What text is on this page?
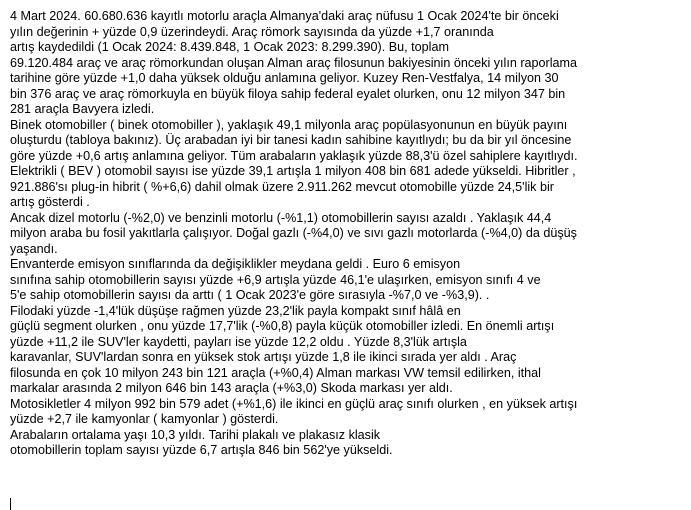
4 Mart 2024. 60.680.636 kayıtlı motorlu araçla Almanya'daki araç nüfusu 1 Ocak 2024'te bir önceki
yılın değerinin + yüzde 0,9 üzerindeydi. Araç römork sayısında da yüzde +1,7 oranında
artış kaydedildi (1 Ocak 2024: 8.439.848, 1 Ocak 2023: 8.299.390). Bu, toplam
69.120.484 araç ve araç römorkundan oluşan Alman araç filosunun bakiyesinin önceki yılın raporlama
tarihine göre yüzde +1,0 daha yüksek olduğu anlamına geliyor. Kuzey Ren-Vestfalya, 14 milyon 30
bin 376 araç ve araç römorkuyla en büyük filoya sahip federal eyalet olurken, onu 12 milyon 347 bin
281 araçla Bavyera izledi.
Binek otomobiller ( binek otomobiller ), yaklaşık 49,1 milyonla araç popülasyonunun en büyük payını
oluşturdu (tabloya bakınız). Üç arabadan iyi bir tanesi kadın sahibine kayıtlıydı; bu da bir yıl öncesine
göre yüzde +0,6 artış anlamına geliyor. Tüm arabaların yaklaşık yüzde 88,3'ü özel sahiplere kayıtlıydı.
Elektrikli ( BEV ) otomobil sayısı ise yüzde 39,1 artışla 1 milyon 408 bin 681 adede yükseldi. Hibritler ,
921.886'sı plug-in hibrit ( %+6,6) dahil olmak üzere 2.911.262 mevcut otomobille yüzde 24,5'lik bir
artış gösterdi .
Ancak dizel motorlu (-%2,0) ve benzinli motorlu (-%1,1) otomobillerin sayısı azaldı . Yaklaşık 44,4
milyon araba bu fosil yakıtlarla çalışıyor. Doğal gazlı (-%4,0) ve sıvı gazlı motorlarda (-%4,0) da düşüş
yaşandı.
Envanterde emisyon sınıflarında da değişiklikler meydana geldi . Euro 6 emisyon
sınıfına sahip otomobillerin sayısı yüzde +6,9 artışla yüzde 46,1'e ulaşırken, emisyon sınıfı 4 ve
5'e sahip otomobillerin sayısı da arttı ( 1 Ocak 2023'e göre sırasıyla -%7,0 ve -%3,9). .
Filodaki yüzde -1,4'lük düşüşe rağmen yüzde 23,2'lik payla kompakt sınıf hâlâ en
güçlü segment olurken , onu yüzde 17,7'lik (-%0,8) payla küçük otomobiller izledi. En önemli artışı
yüzde +11,2 ile SUV'ler kaydetti, payları ise yüzde 12,2 oldu . Yüzde 8,3'lük artışla
karavanlar, SUV'lardan sonra en yüksek stok artışı yüzde 1,8 ile ikinci sırada yer aldı . Araç
filosunda en çok 10 milyon 243 bin 121 araçla (+%0,4) Alman markası VW temsil edilirken, ithal
markalar arasında 2 milyon 646 bin 143 araçla (+%3,0) Skoda markası yer aldı.
Motosikletler 4 milyon 992 bin 579 adet (+%1,6) ile ikinci en güçlü araç sınıfı olurken , en yüksek artışı
yüzde +2,7 ile kamyonlar ( kamyonlar ) gösterdi.
Arabaların ortalama yaşı 10,3 yıldı. Tarihi plakalı ve plakasız klasik
otomobillerin toplam sayısı yüzde 6,7 artışla 846 bin 562'ye yükseldi.
